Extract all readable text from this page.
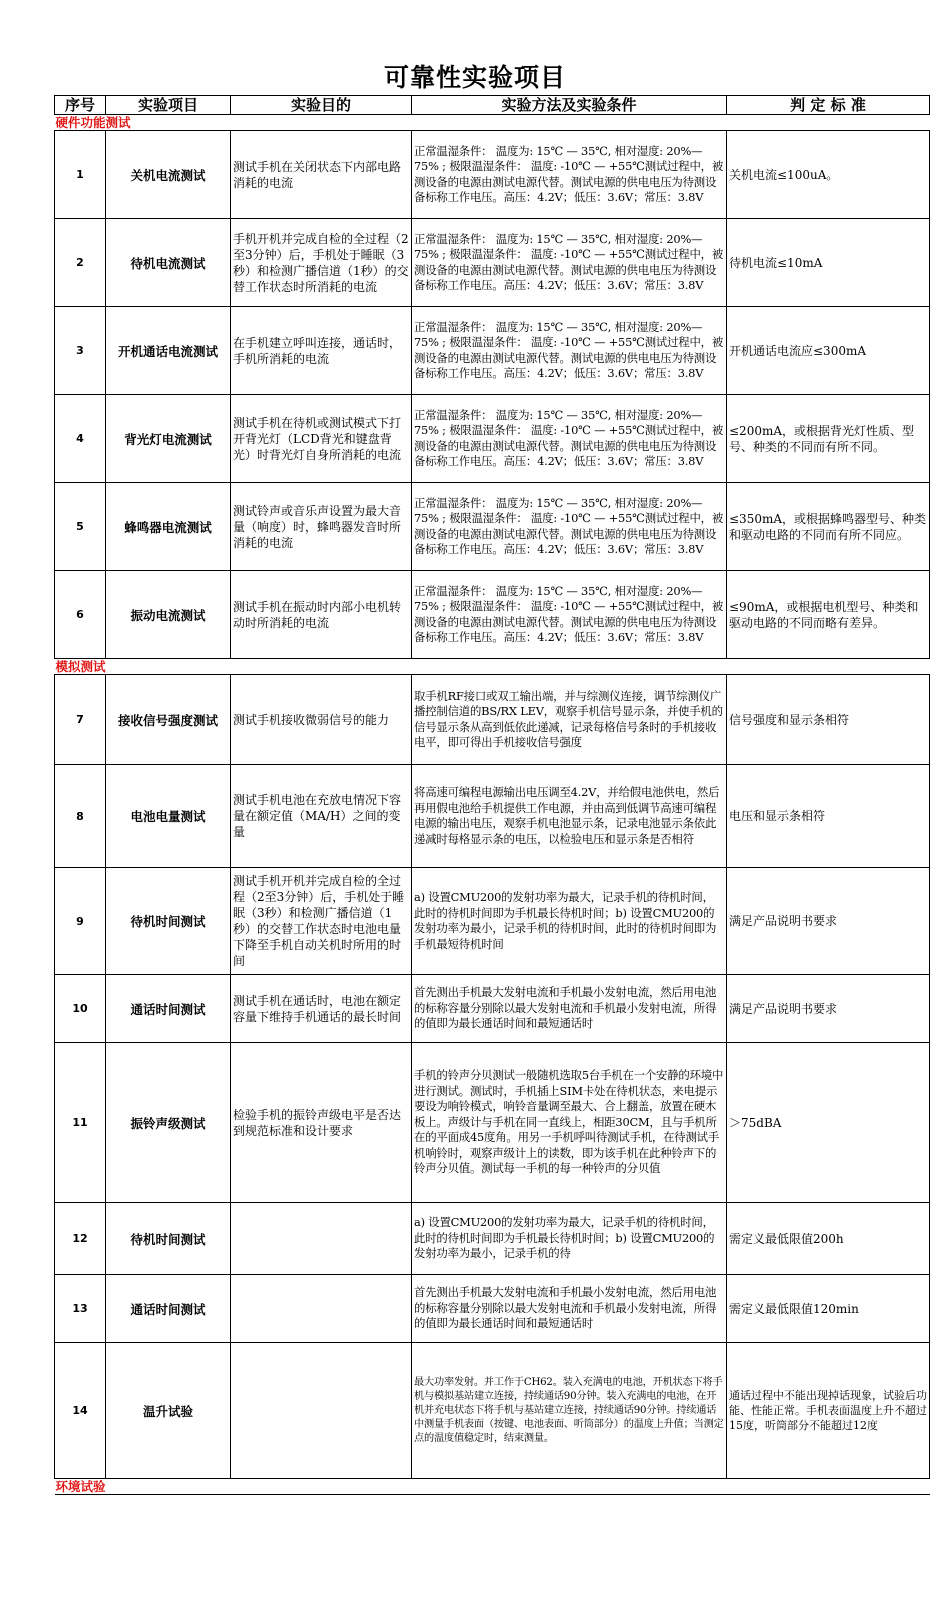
可靠性实验项目
序号	实验项目	实验目的	实验方法及实验条件	判 定 标 准
硬件功能测试				
1	关机电流测试	测试手机在关闭状态下内部电路消耗的电流	正常温湿条件： 温度为: 15℃ — 35℃, 相对湿度: 20%—75% ; 极限温湿条件： 温度: -10℃ — +55℃测试过程中，被测设备的电源由测试电源代替。测试电源的供电电压为待测设备标称工作电压。高压：4.2V；低压：3.6V；常压：3.8V	关机电流≤100uA。
2	待机电流测试	手机开机并完成自检的全过程（2至3分钟）后，手机处于睡眠（3秒）和检测广播信道（1秒）的交替工作状态时所消耗的电流	正常温湿条件： 温度为: 15℃ — 35℃, 相对湿度: 20%—75% ; 极限温湿条件： 温度: -10℃ — +55℃测试过程中，被测设备的电源由测试电源代替。测试电源的供电电压为待测设备标称工作电压。高压：4.2V；低压：3.6V；常压：3.8V	待机电流≤10mA
3	开机通话电流测试	在手机建立呼叫连接，通话时，手机所消耗的电流	正常温湿条件： 温度为: 15℃ — 35℃, 相对湿度: 20%—75% ; 极限温湿条件： 温度: -10℃ — +55℃测试过程中，被测设备的电源由测试电源代替。测试电源的供电电压为待测设备标称工作电压。高压：4.2V；低压：3.6V；常压：3.8V	开机通话电流应≤300mA
4	背光灯电流测试	测试手机在待机或测试模式下打开背光灯（LCD背光和键盘背光）时背光灯自身所消耗的电流	正常温湿条件： 温度为: 15℃ — 35℃, 相对湿度: 20%—75% ; 极限温湿条件： 温度: -10℃ — +55℃测试过程中，被测设备的电源由测试电源代替。测试电源的供电电压为待测设备标称工作电压。高压：4.2V；低压：3.6V；常压：3.8V	≤200mA，或根据背光灯性质、型号、种类的不同而有所不同。
5	蜂鸣器电流测试	测试铃声或音乐声设置为最大音量（响度）时，蜂鸣器发音时所消耗的电流	正常温湿条件： 温度为: 15℃ — 35℃, 相对湿度: 20%—75% ; 极限温湿条件： 温度: -10℃ — +55℃测试过程中，被测设备的电源由测试电源代替。测试电源的供电电压为待测设备标称工作电压。高压：4.2V；低压：3.6V；常压：3.8V	≤350mA，或根据蜂鸣器型号、种类和驱动电路的不同而有所不同应。
6	振动电流测试	测试手机在振动时内部小电机转动时所消耗的电流	正常温湿条件： 温度为: 15℃ — 35℃, 相对湿度: 20%—75% ; 极限温湿条件： 温度: -10℃ — +55℃测试过程中，被测设备的电源由测试电源代替。测试电源的供电电压为待测设备标称工作电压。高压：4.2V；低压：3.6V；常压：3.8V	≤90mA，或根据电机型号、种类和驱动电路的不同而略有差异。
模拟测试				
7	接收信号强度测试	测试手机接收微弱信号的能力	取手机RF接口或双工输出端，并与综测仪连接，调节综测仪广播控制信道的BS/RX LEV，观察手机信号显示条，并使手机的信号显示条从高到低依此递减，记录每格信号条时的手机接收电平，即可得出手机接收信号强度	信号强度和显示条相符
8	电池电量测试	测试手机电池在充放电情况下容量在额定值（MA/H）之间的变量	将高速可编程电源输出电压调至4.2V，并给假电池供电，然后再用假电池给手机提供工作电源，并由高到低调节高速可编程电源的输出电压，观察手机电池显示条，记录电池显示条依此递减时每格显示条的电压，以检验电压和显示条是否相符	电压和显示条相符
9	待机时间测试	测试手机开机并完成自检的全过程（2至3分钟）后，手机处于睡眠（3秒）和检测广播信道（1秒）的交替工作状态时电池电量下降至手机自动关机时所用的时间	a) 设置CMU200的发射功率为最大，记录手机的待机时间，此时的待机时间即为手机最长待机时间；b) 设置CMU200的发射功率为最小，记录手机的待机时间，此时的待机时间即为手机最短待机时间	满足产品说明书要求
10	通话时间测试	测试手机在通话时，电池在额定容量下维持手机通话的最长时间	首先测出手机最大发射电流和手机最小发射电流，然后用电池的标称容量分别除以最大发射电流和手机最小发射电流，所得的值即为最长通话时间和最短通话时	满足产品说明书要求
11	振铃声级测试	检验手机的振铃声级电平是否达到规范标准和设计要求	手机的铃声分贝测试一般随机选取5台手机在一个安静的环境中进行测试。测试时，手机插上SIM卡处在待机状态，来电提示要设为响铃模式，响铃音量调至最大、合上翻盖，放置在硬木板上。声级计与手机在同一直线上，相距30CM，且与手机所在的平面成45度角。用另一手机呼叫待测试手机，在待测试手机响铃时，观察声级计上的读数，即为该手机在此种铃声下的铃声分贝值。测试每一手机的每一种铃声的分贝值	＞75dBA
12	待机时间测试		a) 设置CMU200的发射功率为最大，记录手机的待机时间，此时的待机时间即为手机最长待机时间；b) 设置CMU200的发射功率为最小，记录手机的待	需定义最低限值200h
13	通话时间测试		首先测出手机最大发射电流和手机最小发射电流，然后用电池的标称容量分别除以最大发射电流和手机最小发射电流，所得的值即为最长通话时间和最短通话时	需定义最低限值120min
14	温升试验		最大功率发射。并工作于CH62。装入充满电的电池，开机状态下将手机与模拟基站建立连接，持续通话90分钟。装入充满电的电池，在开机并充电状态下将手机与基站建立连接，持续通话90分钟。持续通话中测量手机表面（按键、电池表面、听筒部分）的温度上升值；当测定点的温度值稳定时，结束测量。	通话过程中不能出现掉话现象，试验后功能、性能正常。手机表面温度上升不超过15度，听筒部分不能超过12度
环境试验				
